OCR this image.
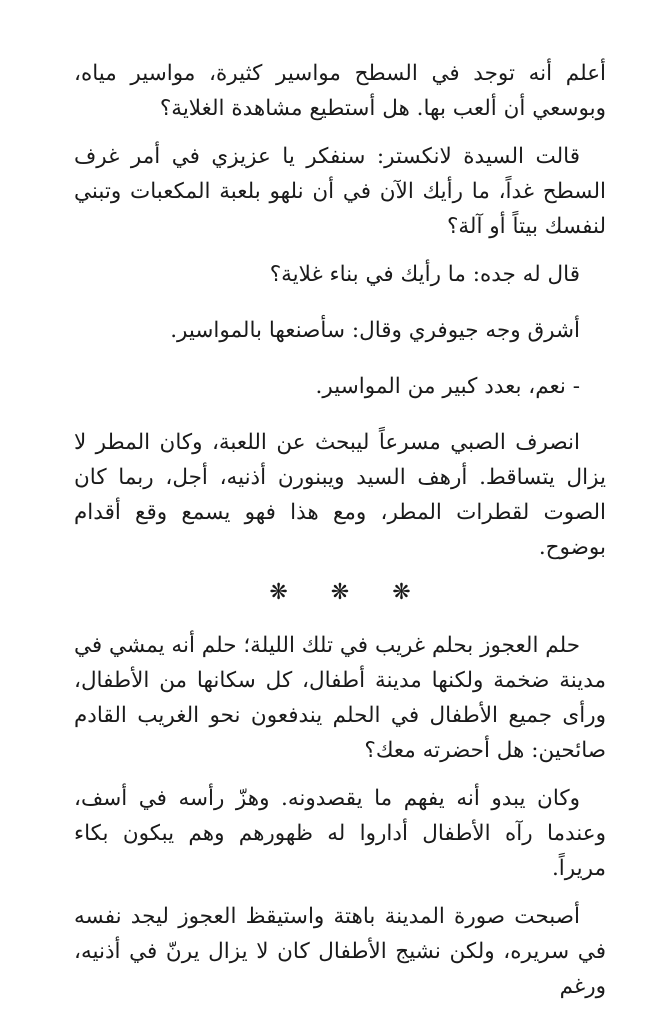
أعلم أنه توجد في السطح مواسير كثيرة، مواسير مياه، وبوسعي أن ألعب بها. هل أستطيع مشاهدة الغلاية؟

قالت السيدة لانكستر: سنفكر يا عزيزي في أمر غرف السطح غداً، ما رأيك الآن في أن نلهو بلعبة المكعبات وتبني لنفسك بيتاً أو آلة؟

قال له جده: ما رأيك في بناء غلاية؟

أشرق وجه جيوفري وقال: سأصنعها بالمواسير.

- نعم، بعدد كبير من المواسير.

انصرف الصبي مسرعاً ليبحث عن اللعبة، وكان المطر لا يزال يتساقط. أرهف السيد ويبنورن أذنيه، أجل، ربما كان الصوت لقطرات المطر، ومع هذا فهو يسمع وقع أقدام بوضوح.

❋ ❋ ❋

حلم العجوز بحلم غريب في تلك الليلة؛ حلم أنه يمشي في مدينة ضخمة ولكنها مدينة أطفال، كل سكانها من الأطفال، ورأى جميع الأطفال في الحلم يندفعون نحو الغريب القادم صائحين: هل أحضرته معك؟

وكان يبدو أنه يفهم ما يقصدونه. وهزّ رأسه في أسف، وعندما رآه الأطفال أداروا له ظهورهم وهم يبكون بكاء مريراً.

أصبحت صورة المدينة باهتة واستيقظ العجوز ليجد نفسه في سريره، ولكن نشيج الأطفال كان لا يزال يرنّ في أذنيه، ورغم
